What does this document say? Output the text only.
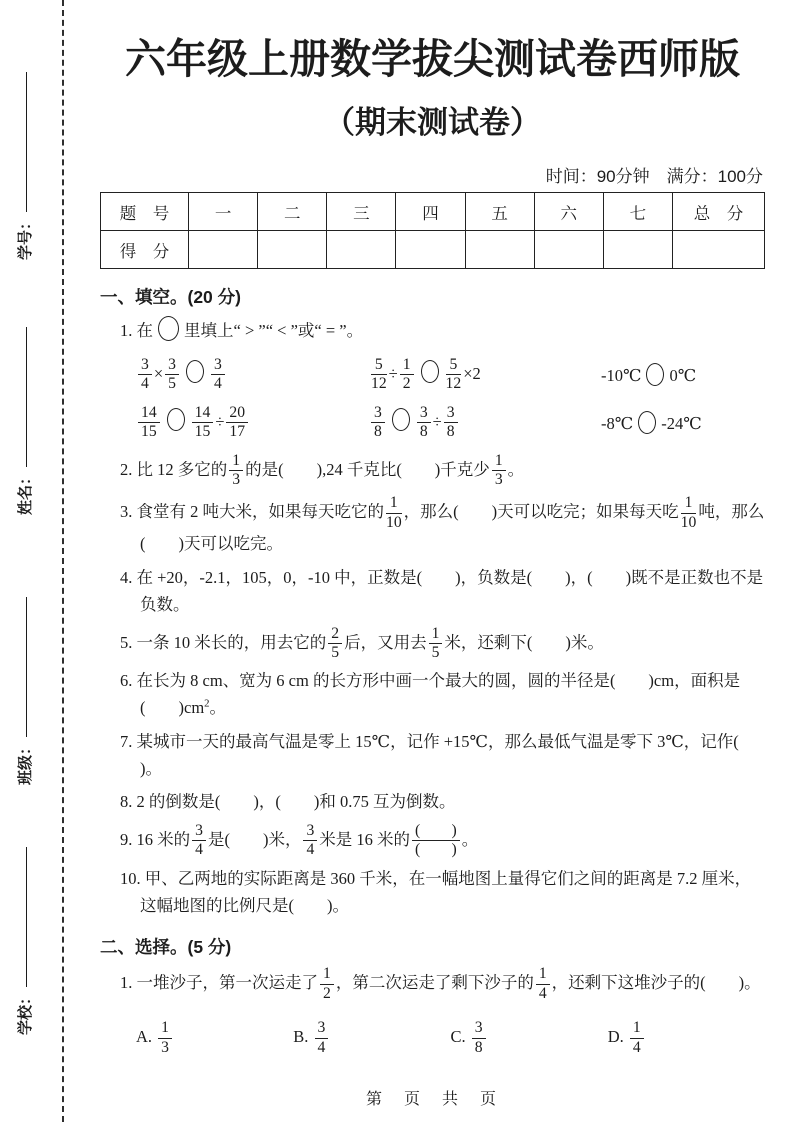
学号：
姓名：
班级：
学校：
六年级上册数学拔尖测试卷西师版
（期末测试卷）
时间：90分钟　满分：100分
题　号	一	二	三	四	五	六	七	总　分
得　分								
一、填空。(20 分)

1. 在 里填上“ > ”“ < ”或“ = ”。

$\frac{3}{4} \times \frac{3}{5} \frac{3}{4}$	$\frac{5}{12} \div \frac{1}{2} \frac{5}{12} \times 2$	-10℃ 0℃
$\frac{14}{15} \frac{14}{15} \div \frac{20}{17}$	$\frac{3}{8} \frac{3}{8} \div \frac{3}{8}$	-8℃ -24℃

2. 比 12 多它的 $\frac{1}{3}$ 的是(        ),24 千克比(        )千克少 $\frac{1}{3}$ 。

3. 食堂有 2 吨大米，如果每天吃它的 $\frac{1}{10}$ ，那么(        )天可以吃完；如果每天吃 $\frac{1}{10}$ 吨，那么
(        )天可以吃完。

4. 在 +20，-2.1，105，0，-10 中，正数是(        )，负数是(        )，(        )既不是正数也不是负数。

5. 一条 10 米长的，用去它的 $\frac{2}{5}$ 后，又用去 $\frac{1}{5}$ 米，还剩下(        )米。

6. 在长为 8 cm、宽为 6 cm 的长方形中画一个最大的圆，圆的半径是(        )cm，面积是
(        )$cm^2$。

7. 某城市一天的最高气温是零上 15℃，记作 +15℃，那么最低气温是零下 3℃，记作(        )。

8. 2 的倒数是(        )，(        )和 0.75 互为倒数。

9. 16 米的 $\frac{3}{4}$ 是(        )米， $\frac{3}{4}$ 米是 16 米的 (　　)
(　　)
。

10. 甲、乙两地的实际距离是 360 千米，在一幅地图上量得它们之间的距离是 7.2 厘米，这幅地图的比例尺是(        )。

二、选择。(5 分)

1. 一堆沙子，第一次运走了 $\frac{1}{2}$ ，第二次运走了剩下沙子的 $\frac{1}{4}$ ，还剩下这堆沙子的(        )。

A. $\frac{1}{3}$	B. $\frac{3}{4}$	C. $\frac{3}{8}$	D. $\frac{1}{4}$
第　页　共　页
